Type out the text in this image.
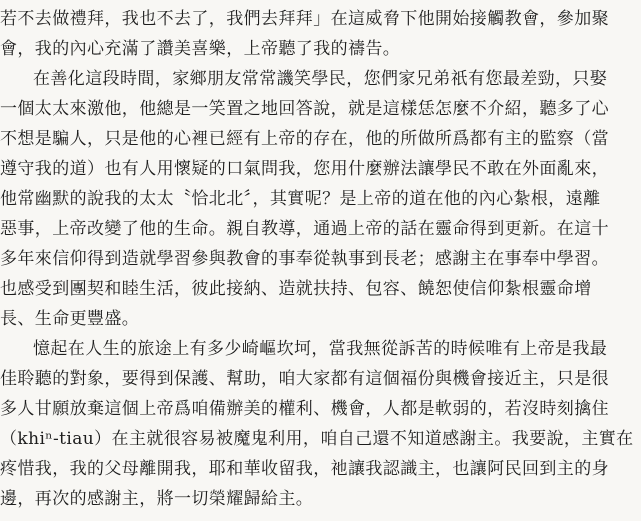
若不去做禮拜，我也不去了，我們去拜拜」在這威脅下他開始接觸教會，參加聚
會，我的內心充滿了讚美喜樂，上帝聽了我的禱告。
在善化這段時間，家鄉朋友常常譏笑學民，您們家兄弟祇有您最差勁，只娶
一個太太來激他，他總是一笑置之地回答說，就是這樣恁怎麼不介紹，聽多了心
不想是騙人，只是他的心裡已經有上帝的存在，他的所做所爲都有主的監察（當
遵守我的道）也有人用懷疑的口氣問我，您用什麼辦法讓學民不敢在外面亂來，
他常幽默的說我的太太〝恰北北〞，其實呢？是上帝的道在他的內心紮根，遠離
惡事，上帝改變了他的生命。親自教導，通過上帝的話在靈命得到更新。在這十
多年來信仰得到造就學習參與教會的事奉從執事到長老；感謝主在事奉中學習。
也感受到團契和睦生活，彼此接納、造就扶持、包容、饒恕使信仰紮根靈命增
長、生命更豐盛。
憶起在人生的旅途上有多少崎嶇坎坷，當我無從訴苦的時候唯有上帝是我最
佳聆聽的對象，要得到保護、幫助，咱大家都有這個福份與機會接近主，只是很
多人甘願放棄這個上帝爲咱備辦美的權利、機會，人都是軟弱的，若沒時刻擒住
（khiⁿ-tiau）在主就很容易被魔鬼利用，咱自己還不知道感謝主。我要說，主實在
疼惜我，我的父母離開我，耶和華收留我，祂讓我認識主，也讓阿民回到主的身
邊，再次的感謝主，將一切榮耀歸給主。
